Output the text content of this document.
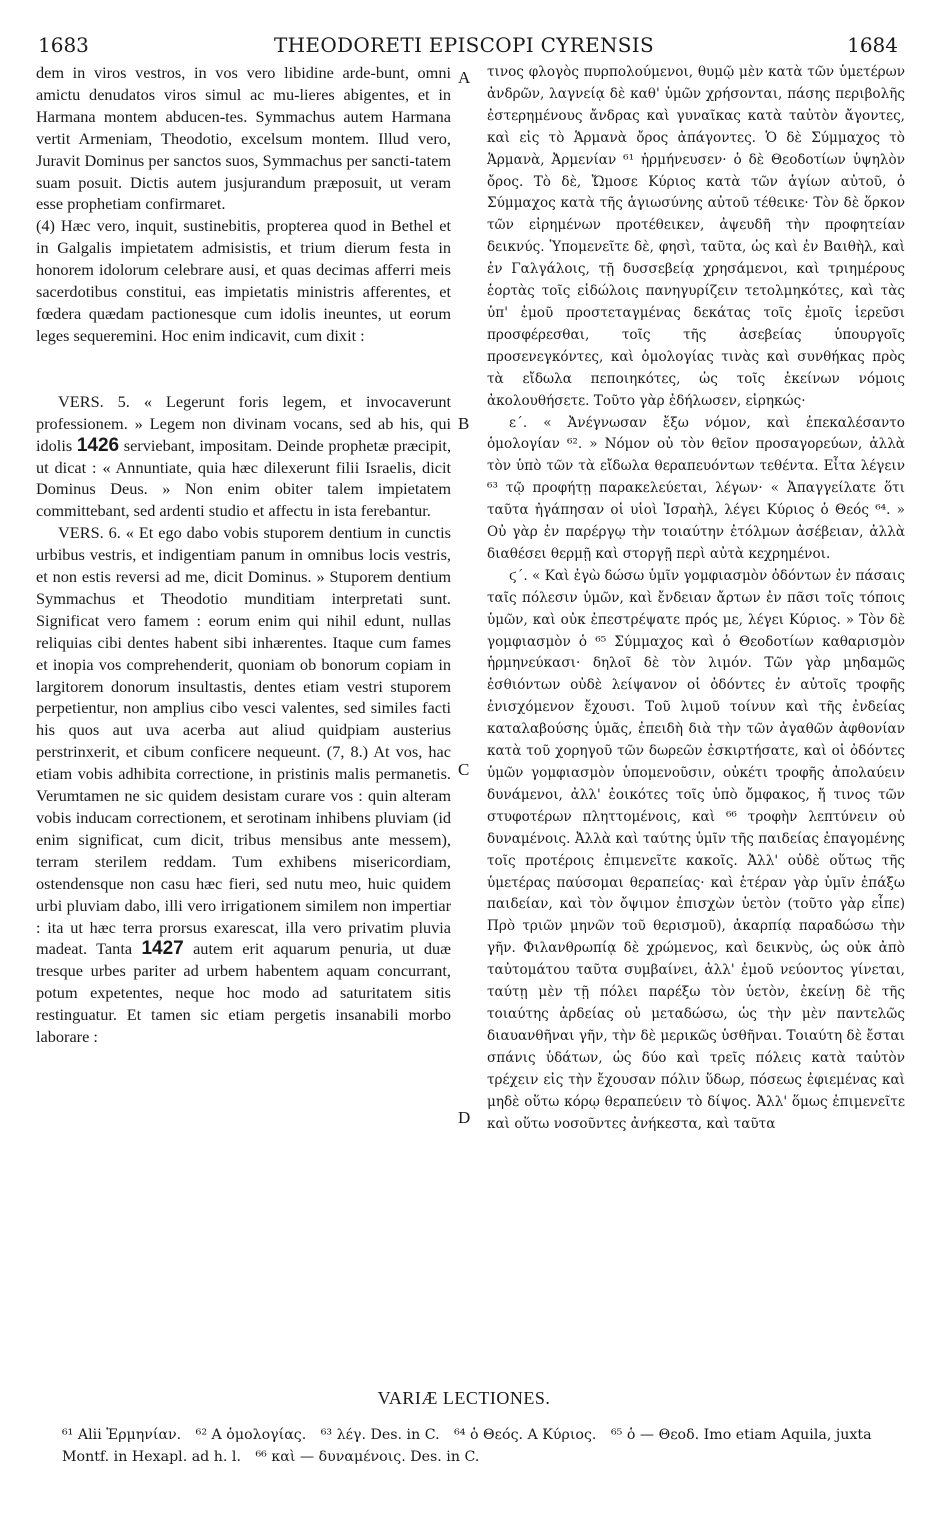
1683	THEODORETI EPISCOPI CYRENSIS	1684

dem in viros vestros, in vos vero libidine arde-bunt, omni amictu denudatos viros simul ac mu-lieres abigentes, et in Harmana montem abducen-tes. Symmachus autem Harmana vertit Armeniam, Theodotio, excelsum montem. Illud vero, Juravit Dominus per sanctos suos, Symmachus per sancti-tatem suam posuit. Dictis autem jusjurandum præposuit, ut veram esse prophetiam confirmaret.

(4) Hæc vero, inquit, sustinebitis, propterea quod in Bethel et in Galgalis impietatem admisistis, et trium dierum festa in honorem idolorum celebrare ausi, et quas decimas afferri meis sacerdotibus constitui, eas impietatis ministris afferentes, et fœdera quædam pactionesque cum idolis ineuntes, ut eorum leges sequeremini. Hoc enim indicavit, cum dixit :

VERS. 5. « Legerunt foris legem, et invocaverunt professionem. » Legem non divinam vocans, sed ab his, qui idolis 1426 serviebant, impositam. Deinde prophetæ præcipit, ut dicat : « Annuntiate, quia hæc dilexerunt filii Israelis, dicit Dominus Deus. » Non enim obiter talem impietatem committebant, sed ardenti studio et affectu in ista ferebantur.

VERS. 6. « Et ego dabo vobis stuporem dentium in cunctis urbibus vestris, et indigentiam panum in omnibus locis vestris, et non estis reversi ad me, dicit Dominus. » Stuporem dentium Symmachus et Theodotio munditiam interpretati sunt. Significat vero famem : eorum enim qui nihil edunt, nullas reliquias cibi dentes habent sibi inhærentes. Itaque cum fames et inopia vos comprehenderit, quoniam ob bonorum copiam in largitorem donorum insultastis, dentes etiam vestri stuporem perpetientur, non amplius cibo vesci valentes, sed similes facti his quos aut uva acerba aut aliud quidpiam austerius perstrinxerit, et cibum conficere nequeunt. (7, 8.) At vos, hac etiam vobis adhibita correctione, in pristinis malis permanetis. Verumtamen ne sic quidem desistam curare vos : quin alteram vobis inducam correctionem, et serotinam inhibens pluviam (id enim significat, cum dicit, tribus mensibus ante messem), terram sterilem reddam. Tum exhibens misericordiam, ostendensque non casu hæc fieri, sed nutu meo, huic quidem urbi pluviam dabo, illi vero irrigationem similem non impertiar : ita ut hæc terra prorsus exarescat, illa vero privatim pluvia madeat. Tanta 1427 autem erit aquarum penuria, ut duæ tresque urbes pariter ad urbem habentem aquam concurrant, potum expetentes, neque hoc modo ad saturitatem sitis restinguatur. Et tamen sic etiam pergetis insanabili morbo laborare :

A
B
C
D

τινος φλογὸς πυρπολούμενοι, θυμῷ μὲν κατὰ τῶν ὑμετέρων ἀνδρῶν, λαγνείᾳ δὲ καθ' ὑμῶν χρήσονται, πάσης περιβολῆς ἐστερημένους ἄνδρας καὶ γυναῖκας κατὰ ταὐτὸν ἄγοντες, καὶ εἰς τὸ Ἁρμανὰ ὄρος ἀπάγοντες. Ὁ δὲ Σύμμαχος τὸ Ἁρμανὰ, Ἀρμενίαν ⁶¹ ἡρμήνευσεν· ὁ δὲ Θεοδοτίων ὑψηλὸν ὄρος. Τὸ δὲ, Ὤμοσε Κύριος κατὰ τῶν ἁγίων αὐτοῦ, ὁ Σύμμαχος κατὰ τῆς ἁγιωσύνης αὐτοῦ τέθεικε· Τὸν δὲ ὅρκον τῶν εἰρημένων προτέθεικεν, ἀψευδῆ τὴν προφητείαν δεικνύς. Ὑπομενεῖτε δὲ, φησὶ, ταῦτα, ὡς καὶ ἐν Βαιθὴλ, καὶ ἐν Γαλγάλοις, τῇ δυσσεβείᾳ χρησάμενοι, καὶ τριημέρους ἑορτὰς τοῖς εἰδώλοις πανηγυρίζειν τετολμηκότες, καὶ τὰς ὑπ' ἐμοῦ προστεταγμένας δεκάτας τοῖς ἐμοῖς ἱερεῦσι προσφέρεσθαι, τοῖς τῆς ἀσεβείας ὑπουργοῖς προσενεγκόντες, καὶ ὁμολογίας τινὰς καὶ συνθήκας πρὸς τὰ εἴδωλα πεποιηκότες, ὡς τοῖς ἐκείνων νόμοις ἀκολουθήσετε. Τοῦτο γὰρ ἐδήλωσεν, εἰρηκώς·

ε΄. « Ἀνέγνωσαν ἔξω νόμον, καὶ ἐπεκαλέσαντο ὁμολογίαν ⁶². » Νόμον οὐ τὸν θεῖον προσαγορεύων, ἀλλὰ τὸν ὑπὸ τῶν τὰ εἴδωλα θεραπευόντων τεθέντα. Εἶτα λέγειν ⁶³ τῷ προφήτῃ παρακελεύεται, λέγων· « Ἀπαγγείλατε ὅτι ταῦτα ἠγάπησαν οἱ υἱοὶ Ἰσραὴλ, λέγει Κύριος ὁ Θεός ⁶⁴. » Οὐ γὰρ ἐν παρέργῳ τὴν τοιαύτην ἐτόλμων ἀσέβειαν, ἀλλὰ διαθέσει θερμῇ καὶ στοργῇ περὶ αὐτὰ κεχρημένοι.

ϛ΄. « Καὶ ἐγὼ δώσω ὑμῖν γομφιασμὸν ὀδόντων ἐν πάσαις ταῖς πόλεσιν ὑμῶν, καὶ ἔνδειαν ἄρτων ἐν πᾶσι τοῖς τόποις ὑμῶν, καὶ οὐκ ἐπεστρέψατε πρός με, λέγει Κύριος. » Τὸν δὲ γομφιασμὸν ὁ ⁶⁵ Σύμμαχος καὶ ὁ Θεοδοτίων καθαρισμὸν ἡρμηνεύκασι· δηλοῖ δὲ τὸν λιμόν. Τῶν γὰρ μηδαμῶς ἐσθιόντων οὐδὲ λείψανον οἱ ὀδόντες ἐν αὐτοῖς τροφῆς ἐνισχόμενον ἔχουσι. Τοῦ λιμοῦ τοίνυν καὶ τῆς ἐνδείας καταλαβούσης ὑμᾶς, ἐπειδὴ διὰ τὴν τῶν ἀγαθῶν ἀφθονίαν κατὰ τοῦ χορηγοῦ τῶν δωρεῶν ἐσκιρτήσατε, καὶ οἱ ὀδόντες ὑμῶν γομφιασμὸν ὑπομενοῦσιν, οὐκέτι τροφῆς ἀπολαύειν δυνάμενοι, ἀλλ' ἐοικότες τοῖς ὑπὸ ὄμφακος, ἤ τινος τῶν στυφοτέρων πληττομένοις, καὶ ⁶⁶ τροφὴν λεπτύνειν οὐ δυναμένοις. Ἀλλὰ καὶ ταύτης ὑμῖν τῆς παιδείας ἐπαγομένης τοῖς προτέροις ἐπιμενεῖτε κακοῖς. Ἀλλ' οὐδὲ οὕτως τῆς ὑμετέρας παύσομαι θεραπείας· καὶ ἑτέραν γὰρ ὑμῖν ἐπάξω παιδείαν, καὶ τὸν ὄψιμον ἐπισχὼν ὑετὸν (τοῦτο γὰρ εἶπε) Πρὸ τριῶν μηνῶν τοῦ θερισμοῦ), ἀκαρπίᾳ παραδώσω τὴν γῆν. Φιλανθρωπίᾳ δὲ χρώμενος, καὶ δεικνὺς, ὡς οὐκ ἀπὸ ταὐτομάτου ταῦτα συμβαίνει, ἀλλ' ἐμοῦ νεύοντος γίνεται, ταύτῃ μὲν τῇ πόλει παρέξω τὸν ὑετὸν, ἐκείνῃ δὲ τῆς τοιαύτης ἀρδείας οὐ μεταδώσω, ὡς τὴν μὲν παντελῶς διαυανθῆναι γῆν, τὴν δὲ μερικῶς ὑσθῆναι. Τοιαύτη δὲ ἔσται σπάνις ὑδάτων, ὡς δύο καὶ τρεῖς πόλεις κατὰ ταὐτὸν τρέχειν εἰς τὴν ἔχουσαν πόλιν ὕδωρ, πόσεως ἐφιεμένας καὶ μηδὲ οὕτω κόρῳ θεραπεύειν τὸ δίψος. Ἀλλ' ὅμως ἐπιμενεῖτε καὶ οὕτω νοσοῦντες ἀνήκεστα, καὶ ταῦτα

VARIÆ LECTIONES.
⁶¹ Alii Ἑρμηνίαν. ⁶² A ὁμολογίας. ⁶³ λέγ. Des. in C. ⁶⁴ ὁ Θεός. A Κύριος. ⁶⁵ ὁ — Θεοδ. Imo etiam Aquila, juxta Montf. in Hexapl. ad h. l. ⁶⁶ καὶ — δυναμένοις. Des. in C.
